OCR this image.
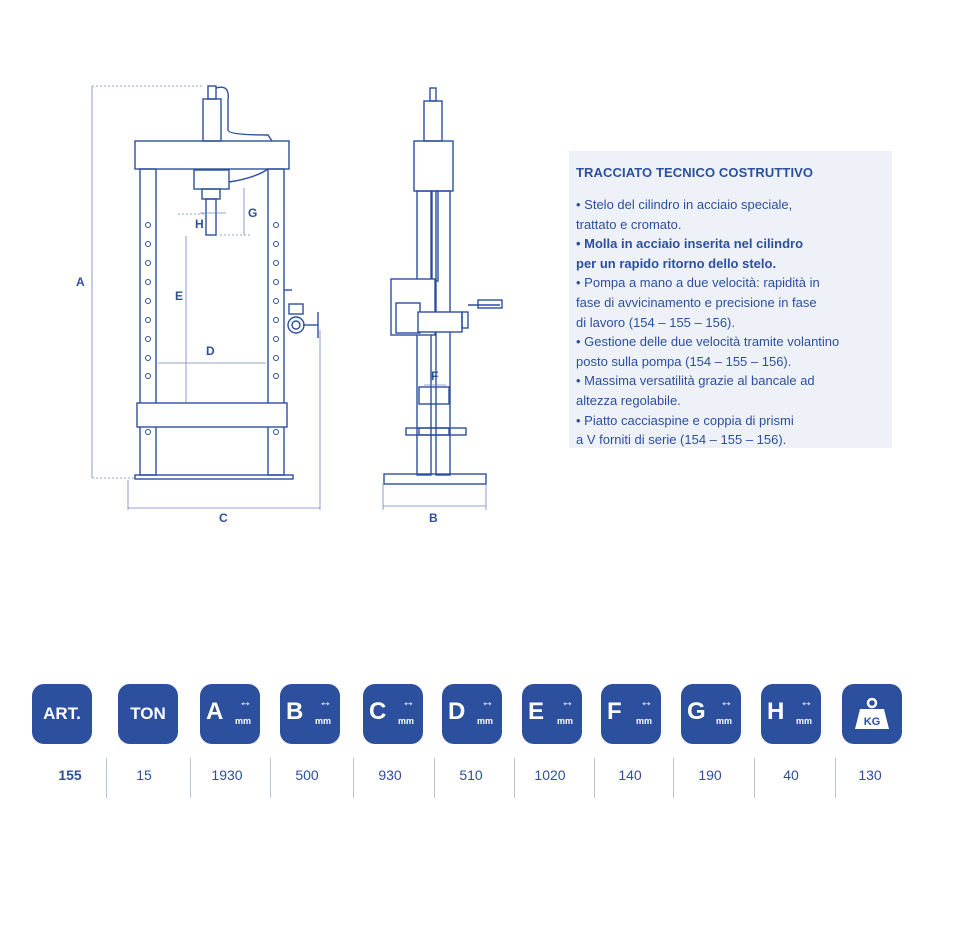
A
C
D
E
H
G
B
F
TRACCIATO TECNICO COSTRUTTIVO
• Stelo del cilindro in acciaio speciale,
trattato e cromato.
• Molla in acciaio inserita nel cilindro
per un rapido ritorno dello stelo.
• Pompa a mano a due velocità: rapidità in
fase di avvicinamento e precisione in fase
di lavoro (154 – 155 – 156).
• Gestione delle due velocità tramite volantino
posto sulla pompa (154 – 155 – 156).
• Massima versatilità grazie al bancale ad
altezza regolabile.
• Piatto cacciaspine e coppia di prismi
a V forniti di serie (154 – 155 – 156).
ART.
155
TON
15
A ↔
mm
1930
B ↔
mm
500
C ↔
mm
930
D ↔
mm
510
E ↔
mm
1020
F ↔
mm
140
G ↔
mm
190
H ↔
mm
40
KG
130
